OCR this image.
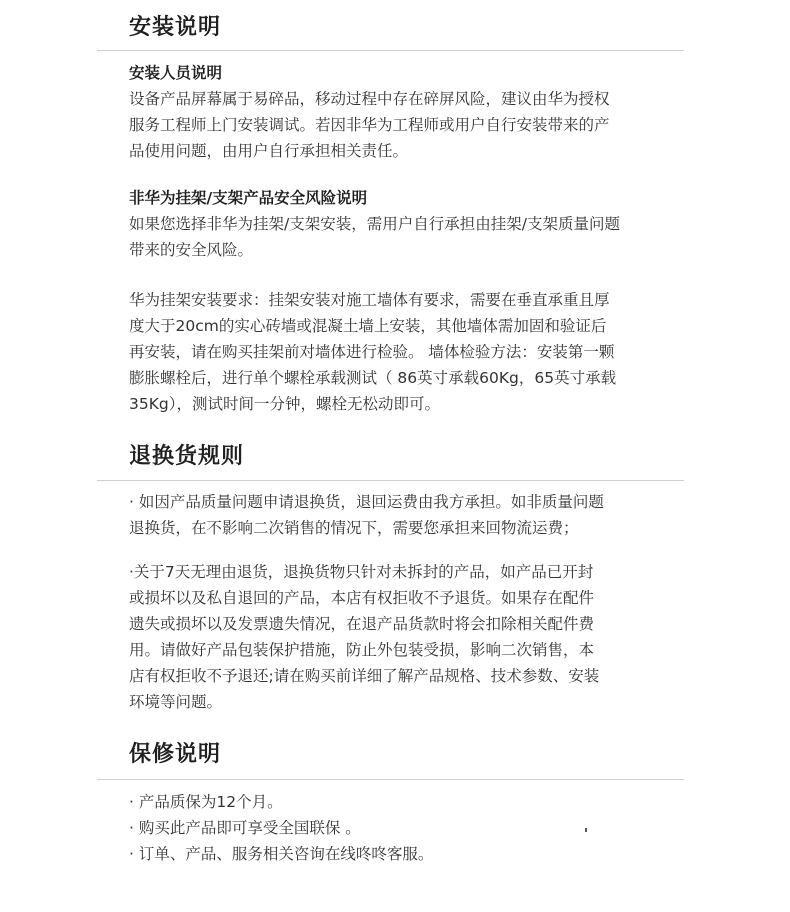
安装说明

安装人员说明

设备产品屏幕属于易碎品，移动过程中存在碎屏风险，建议由华为授权

服务工程师上门安装调试。若因非华为工程师或用户自行安装带来的产

品使用问题，由用户自行承担相关责任。

非华为挂架/支架产品安全风险说明

如果您选择非华为挂架/支架安装，需用户自行承担由挂架/支架质量问题

带来的安全风险。

华为挂架安装要求：挂架安装对施工墙体有要求，需要在垂直承重且厚

度大于20cm的实心砖墙或混凝土墙上安装，其他墙体需加固和验证后

再安装，请在购买挂架前对墙体进行检验。 墙体检验方法：安装第一颗

膨胀螺栓后，进行单个螺栓承载测试（ 86英寸承载60Kg，65英寸承载

35Kg），测试时间一分钟，螺栓无松动即可。

退换货规则

· 如因产品质量问题申请退换货，退回运费由我方承担。如非质量问题

退换货，在不影响二次销售的情况下，需要您承担来回物流运费；

·关于7天无理由退货，退换货物只针对未拆封的产品，如产品已开封

或损坏以及私自退回的产品，本店有权拒收不予退货。如果存在配件

遗失或损坏以及发票遗失情况，在退产品货款时将会扣除相关配件费

用。请做好产品包装保护措施，防止外包装受损，影响二次销售，本

店有权拒收不予退还;请在购买前详细了解产品规格、技术参数、安装

环境等问题。

保修说明

· 产品质保为12个月。

· 购买此产品即可享受全国联保 。

· 订单、产品、服务相关咨询在线咚咚客服。
